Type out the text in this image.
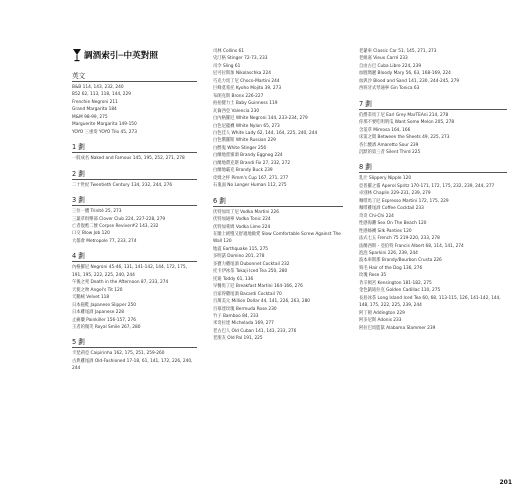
調酒索引─中英對照
英文
B&B 114, 143, 232, 240
B52 62, 113, 118, 144, 229
Frenchie Negroni 211
Grand Margarita 184
M&M 98-99, 275
Marguerite Margarita 149-150
YOYO 三重奏 YOYO Trio 45, 273
1 劃
一般成名 Naked and Famous 145, 195, 252, 271, 278
2 劃
二十世紀 Twentieth Century 134, 232, 244, 276
3 劃
三位一體 Trinité 25, 273
三葉草俱樂部 Clover Club 224, 227-228, 279
亡者復甦二號 Corpse Reviver#2 143, 232
口交 Blow Job 120
大都會 Metropole 77, 233, 274
4 劃
內格羅尼 Negroni 45-46, 131, 141-142, 144, 172, 175, 191, 195, 222, 225, 240, 244
午後之死 Death in the Afternoon 87, 233, 274
天使之吻 Angel's Tit 120
天鵝絨 Velvet 118
日本拖鞋 Japanese Slipper 250
日本雞尾酒 Japanese 228
止痛藥 Painkiller 156-157, 276
王者的微笑 Royal Smile 267, 280
5 劃
卡琵莉亞 Caipirinha 162, 175, 251, 259-260
古典雞尾酒 Old-Fashioned 17-18, 61, 141, 172, 226, 240, 244
司林 Collins 61
史汀格 Stinger 72-73, 233
司令 Sling 61
尼可拉斯加 Nikolaschka 224
巧克力馬丁尼 Choco-Martini 244
巨峰莫希托 Kyoho Mojito 39, 273
布朗克斯 Bronx 226-227
拍拍健力士 Baby Guinness 119
瓦倫西亞 Valencia 230
白內格羅尼 White Negroni 144, 233-234, 279
白色尼龍襪 White Nylon 65, 273
白色佳人 White Lady 62, 144, 164, 225, 240, 244
白色俄羅斯 White Russian 229
白醉鬼 White Stinger 256
白蘭地蛋蜜酒 Brandy Eggnog 224
白蘭地費克斯 Brandi Fix 27, 232, 272
白蘭地霸克 Brandy Buck 239
皮姆之杯 Pimm's Cup 167, 271, 277
石鬼面 No Longer Human 112, 275
6 劃
伏特加馬丁尼 Vodka Martini 226
伏特加通寧 Vodka Tonic 224
伏特加萊姆 Vodka Lime 224
在牆上緩慢又舒適地做愛 Slow Comfortable Screw Against The Wall 120
地震 Earthquake 115, 275
多明諾 Domino 201, 278
多寶力雞尾酒 Dubonnet Cocktail 232
托卡伊冰茶 Tokaji Iced Tea 250, 280
托迪 Toddy 61, 136
早餐馬丁尼 Breakfast Martini 164-166, 276
百家得雞尾酒 Bacardi Cocktail 70
百萬美元 Million Dollar 44, 141, 226, 263, 280
百慕達玫瑰 Bermuda Rose 230
竹子 Bamboo 84, 233
米奇拉達 Michelada 169, 277
老古巴人 Old Cuban 141, 143, 233, 276
老朋友 Old Pal 191, 225
老爺車 Classic Car 51, 145, 271, 273
老維嘉 Vieux Carré 233
自由古巴 Cuba Libre 224, 239
血腥瑪麗 Bloody Mary 56, 63, 168-169, 224
血與沙 Blood and Sand 141, 230, 244-245, 279
西班牙式琴通寧 Gin Tonica 63
7 劃
伯爵茶馬丁尼 Earl Grey MarTEAni 214, 278
你那不要吃明明瓜 Want Some Melon 205, 278
含羞草 Mimosa 164, 166
床第之間 Between the Sheets 49, 225, 273
杏仁酸酒 Amaretto Sour 239
沉默的第三者 Silent Third 225
8 劃
乳汁 Slippery Nipple 120
亞普羅之霧 Aperol Spritz 170-171, 172, 175, 232, 239, 244, 277
卓別林 Chaplin 229-231, 239, 279
咖啡馬丁尼 Espresso Martini 172, 175, 229
咖啡雞尾酒 Coffee Cocktail 233
奇奇 Chi-Chi 224
性感海灘 Sex On The Beach 120
性感絲襪 Silk Panties 120
法式七五 French 75 219-220, 233, 278
法蘭西斯・亞伯特 Francis Albert 68, 114, 141, 274
泡泡 Sparkini 226, 239, 244
波本車斯那 Brandy/Bourbon Crusta 226
狗毛 Hair of the Dog 136, 276
玫瑰 Rose 35
肯辛頓宮 Kensington 181-182, 275
金色凱迪拉克 Golden Cadillac 110, 275
長島冰茶 Long Island Iced Tea 60, 68, 113-115, 126, 141-142, 144, 148, 175, 222, 225, 239, 244
阿丁頓 Addington 229
阿多尼斯 Adonis 233
阿拉巴馬監獄 Alabama Slammer 239
201
